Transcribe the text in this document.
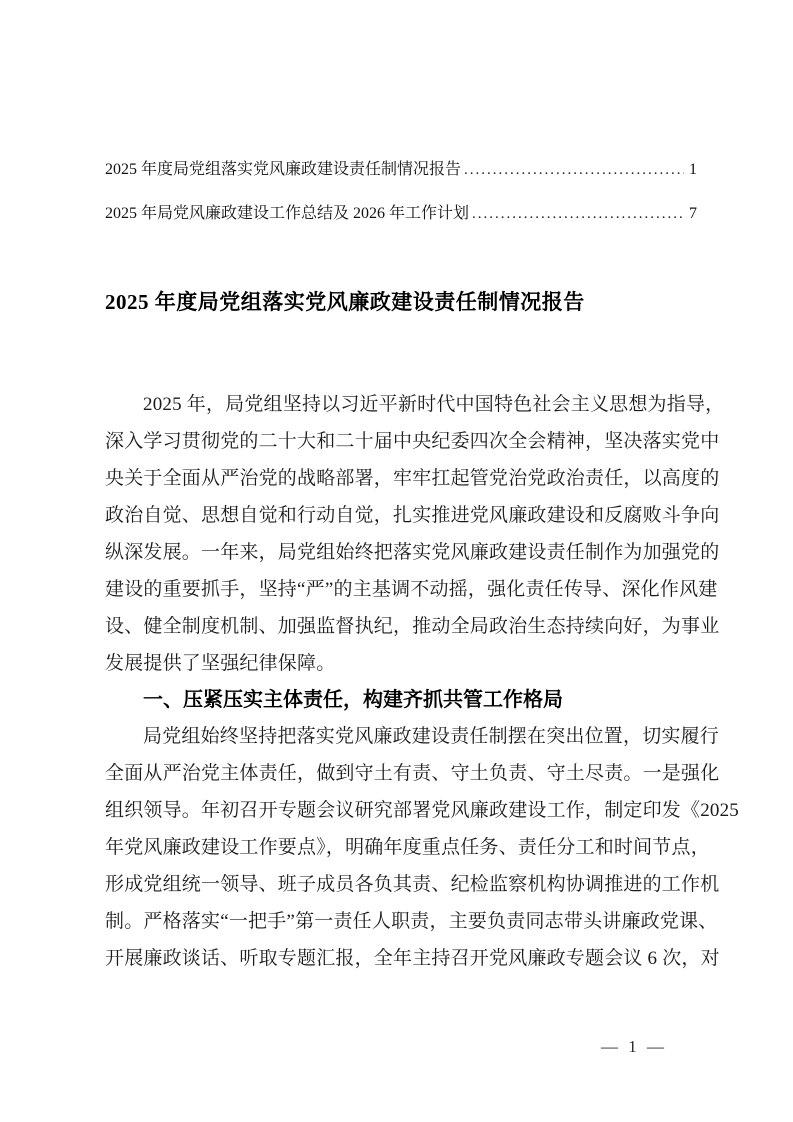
2025 年度局党组落实党风廉政建设责任制情况报告 .....	1
2025 年局党风廉政建设工作总结及 2026 年工作计划 .....	7
2025 年度局党组落实党风廉政建设责任制情况报告
2025 年，局党组坚持以习近平新时代中国特色社会主义思想为指导，
深入学习贯彻党的二十大和二十届中央纪委四次全会精神，坚决落实党中
央关于全面从严治党的战略部署，牢牢扛起管党治党政治责任，以高度的
政治自觉、思想自觉和行动自觉，扎实推进党风廉政建设和反腐败斗争向
纵深发展。一年来，局党组始终把落实党风廉政建设责任制作为加强党的
建设的重要抓手，坚持“严”的主基调不动摇，强化责任传导、深化作风建
设、健全制度机制、加强监督执纪，推动全局政治生态持续向好，为事业
发展提供了坚强纪律保障。
一、压紧压实主体责任，构建齐抓共管工作格局
局党组始终坚持把落实党风廉政建设责任制摆在突出位置，切实履行
全面从严治党主体责任，做到守土有责、守土负责、守土尽责。一是强化
组织领导。年初召开专题会议研究部署党风廉政建设工作，制定印发《2025
年党风廉政建设工作要点》，明确年度重点任务、责任分工和时间节点，
形成党组统一领导、班子成员各负其责、纪检监察机构协调推进的工作机
制。严格落实“一把手”第一责任人职责，主要负责同志带头讲廉政党课、
开展廉政谈话、听取专题汇报，全年主持召开党风廉政专题会议 6 次，对
— 1 —
